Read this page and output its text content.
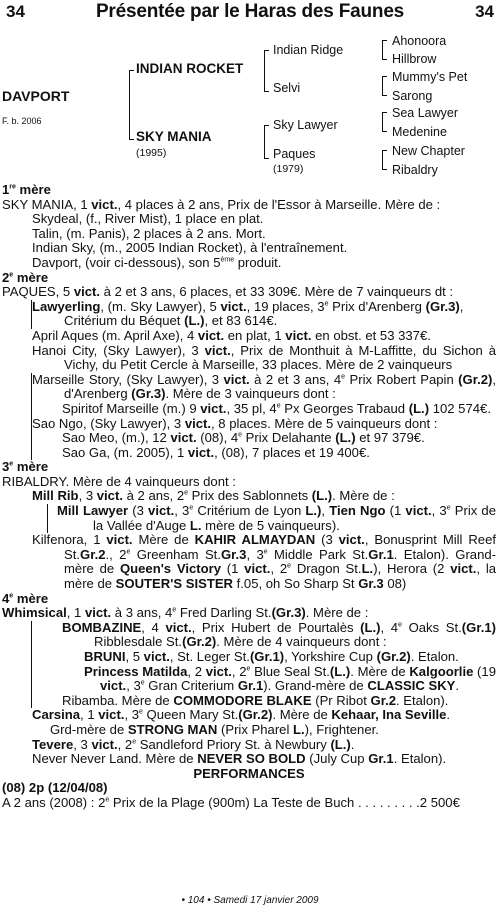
34	Présentée par le Haras des Faunes	34
DAVPORT
F. b. 2006
INDIAN ROCKET
SKY MANIA
(1995)
Indian Ridge
Selvi
Sky Lawyer
Paques
(1979)
Ahonoora
Hillbrow
Mummy's Pet
Sarong
Sea Lawyer
Medenine
New Chapter
Ribaldry

1re mère

SKY MANIA, 1 vict., 4 places à 2 ans, Prix de l'Essor à Marseille. Mère de :

Skydeal, (f., River Mist), 1 place en plat.

Talin, (m. Panis), 2 places à 2 ans. Mort.

Indian Sky, (m., 2005 Indian Rocket), à l'entraînement.

Davport, (voir ci-dessous), son 5ème produit.

2e mère

PAQUES, 5 vict. à 2 et 3 ans, 6 places, et 33 309€. Mère de 7 vainqueurs dt :

Lawyerling, (m. Sky Lawyer), 5 vict., 19 places, 3e Prix d'Arenberg (Gr.3), Critérium du Béquet (L.), et 83 614€.

April Aques (m. April Axe), 4 vict. en plat, 1 vict. en obst. et 53 337€.

Hanoi City, (Sky Lawyer), 3 vict., Prix de Monthuit à M-Laffitte, du Sichon à Vichy, du Petit Cercle à Marseille, 33 places. Mère de 2 vainqueurs

Marseille Story, (Sky Lawyer), 3 vict. à 2 et 3 ans, 4e Prix Robert Papin (Gr.2), d'Arenberg (Gr.3). Mère de 3 vainqueurs dont :

Spiritof Marseille (m.) 9 vict., 35 pl, 4e Px Georges Trabaud (L.) 102 574€.

Sao Ngo, (Sky Lawyer), 3 vict., 8 places. Mère de 5 vainqueurs dont :

Sao Meo, (m.), 12 vict. (08), 4e Prix Delahante (L.) et 97 379€.

Sao Ga, (m. 2005), 1 vict., (08), 7 places et 19 400€.

3e mère

RIBALDRY. Mère de 4 vainqueurs dont :

Mill Rib, 3 vict. à 2 ans, 2e Prix des Sablonnets (L.). Mère de :

Mill Lawyer (3 vict., 3e Critérium de Lyon L.), Tien Ngo (1 vict., 3e Prix de la Vallée d'Auge L. mère de 5 vainqueurs).

Kilfenora, 1 vict. Mère de KAHIR ALMAYDAN (3 vict., Bonusprint Mill Reef St.Gr.2., 2e Greenham St.Gr.3, 3e Middle Park St.Gr.1. Etalon). Grand-mère de Queen's Victory (1 vict., 2e Dragon St.L.), Herora (2 vict., la mère de SOUTER'S SISTER f.05, oh So Sharp St Gr.3 08)

4e mère

Whimsical, 1 vict. à 3 ans, 4e Fred Darling St.(Gr.3). Mère de :

BOMBAZINE, 4 vict., Prix Hubert de Pourtalès (L.), 4e Oaks St.(Gr.1) Ribblesdale St.(Gr.2). Mère de 4 vainqueurs dont :

BRUNI, 5 vict., St. Leger St.(Gr.1), Yorkshire Cup (Gr.2). Etalon.

Princess Matilda, 2 vict., 2e Blue Seal St.(L.). Mère de Kalgoorlie (19 vict., 3e Gran Criterium Gr.1). Grand-mère de CLASSIC SKY.

Ribamba. Mère de COMMODORE BLAKE (Pr Ribot Gr.2. Etalon).

Carsina, 1 vict., 3e Queen Mary St.(Gr.2). Mère de Kehaar, Ina Seville.

Grd-mère de STRONG MAN (Prix Pharel L.), Frightener.

Tevere, 3 vict., 2e Sandleford Priory St. à Newbury (L.).

Never Never Land. Mère de NEVER SO BOLD (July Cup Gr.1. Etalon).

PERFORMANCES

(08) 2p (12/04/08)

A 2 ans (2008) : 2e Prix de la Plage (900m) La Teste de Buch . . . . . . . . .2 500€

• 104 • Samedi 17 janvier 2009
